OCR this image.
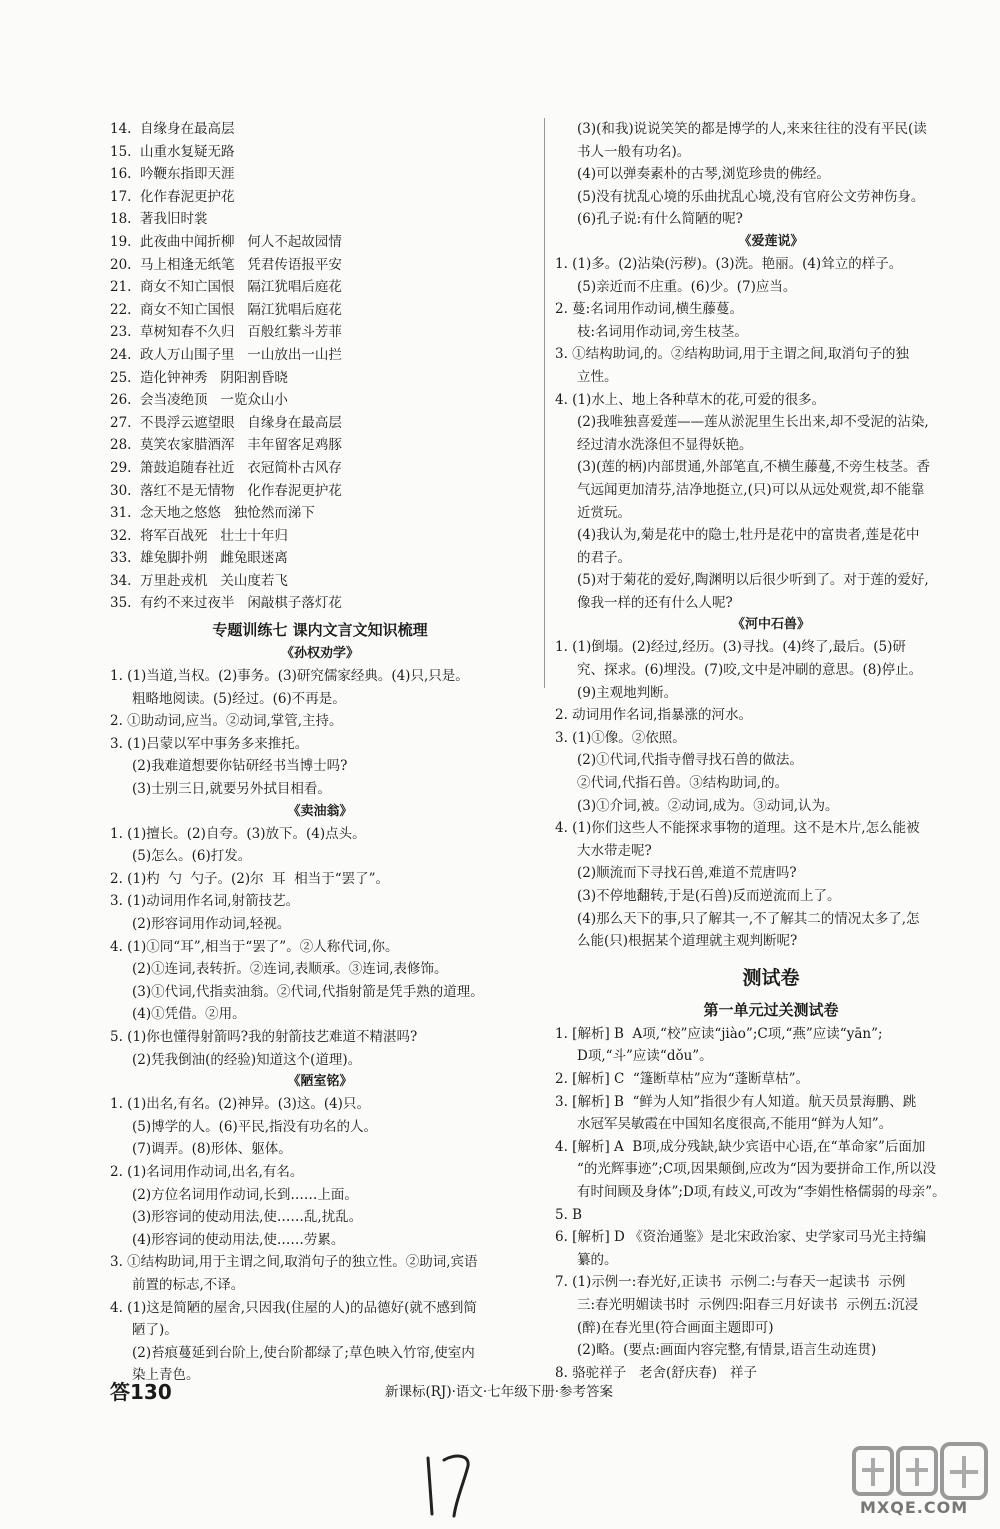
14.  自缘身在最高层
15.  山重水复疑无路
16.  吟鞭东指即天涯
17.  化作春泥更护花
18.  著我旧时裳
19.  此夜曲中闻折柳   何人不起故园情
20.  马上相逢无纸笔   凭君传语报平安
21.  商女不知亡国恨   隔江犹唱后庭花
22.  商女不知亡国恨   隔江犹唱后庭花
23.  草树知春不久归   百般红紫斗芳菲
24.  政人万山围子里   一山放出一山拦
25.  造化钟神秀   阴阳割昏晓
26.  会当凌绝顶   一览众山小
27.  不畏浮云遮望眼   自缘身在最高层
28.  莫笑农家腊酒浑   丰年留客足鸡豚
29.  箫鼓追随春社近   衣冠简朴古风存
30.  落红不是无情物   化作春泥更护花
31.  念天地之悠悠   独怆然而涕下
32.  将军百战死   壮士十年归
33.  雄兔脚扑朔   雌兔眼迷离
34.  万里赴戎机   关山度若飞
35.  有约不来过夜半   闲敲棋子落灯花
专题训练七 课内文言文知识梳理
《孙权劝学》
1. (1)当道,当权。(2)事务。(3)研究儒家经典。(4)只,只是。
粗略地阅读。(5)经过。(6)不再是。
2. ①助动词,应当。②动词,掌管,主持。
3. (1)吕蒙以军中事务多来推托。
(2)我难道想要你钻研经书当博士吗?
(3)士别三日,就要另外拭目相看。
《卖油翁》
1. (1)擅长。(2)自夸。(3)放下。(4)点头。
(5)怎么。(6)打发。
2. (1)杓  勺  勺子。(2)尔  耳  相当于“罢了”。
3. (1)动词用作名词,射箭技艺。
(2)形容词用作动词,轻视。
4. (1)①同“耳”,相当于“罢了”。②人称代词,你。
(2)①连词,表转折。②连词,表顺承。③连词,表修饰。
(3)①代词,代指卖油翁。②代词,代指射箭是凭手熟的道理。
(4)①凭借。②用。
5. (1)你也懂得射箭吗?我的射箭技艺难道不精湛吗?
(2)凭我倒油(的经验)知道这个(道理)。
《陋室铭》
1. (1)出名,有名。(2)神异。(3)这。(4)只。
(5)博学的人。(6)平民,指没有功名的人。
(7)调弄。(8)形体、躯体。
2. (1)名词用作动词,出名,有名。
(2)方位名词用作动词,长到……上面。
(3)形容词的使动用法,使……乱,扰乱。
(4)形容词的使动用法,使……劳累。
3. ①结构助词,用于主谓之间,取消句子的独立性。②助词,宾语
前置的标志,不译。
4. (1)这是简陋的屋舍,只因我(住屋的人)的品德好(就不感到简
陋了)。
(2)苔痕蔓延到台阶上,使台阶都绿了;草色映入竹帘,使室内
染上青色。
(3)(和我)说说笑笑的都是博学的人,来来往往的没有平民(读
书人一般有功名)。
(4)可以弹奏素朴的古琴,浏览珍贵的佛经。
(5)没有扰乱心境的乐曲扰乱心境,没有官府公文劳神伤身。
(6)孔子说:有什么简陋的呢?
《爱莲说》
1. (1)多。(2)沾染(污秽)。(3)洗。艳丽。(4)耸立的样子。
(5)亲近而不庄重。(6)少。(7)应当。
2. 蔓:名词用作动词,横生藤蔓。
枝:名词用作动词,旁生枝茎。
3. ①结构助词,的。②结构助词,用于主谓之间,取消句子的独
立性。
4. (1)水上、地上各种草木的花,可爱的很多。
(2)我唯独喜爱莲——莲从淤泥里生长出来,却不受泥的沾染,
经过清水洗涤但不显得妖艳。
(3)(莲的柄)内部贯通,外部笔直,不横生藤蔓,不旁生枝茎。香
气远闻更加清芬,洁净地挺立,(只)可以从远处观赏,却不能靠
近赏玩。
(4)我认为,菊是花中的隐士,牡丹是花中的富贵者,莲是花中
的君子。
(5)对于菊花的爱好,陶渊明以后很少听到了。对于莲的爱好,
像我一样的还有什么人呢?
《河中石兽》
1. (1)倒塌。(2)经过,经历。(3)寻找。(4)终了,最后。(5)研
究、探求。(6)埋没。(7)咬,文中是冲刷的意思。(8)停止。
(9)主观地判断。
2. 动词用作名词,指暴涨的河水。
3. (1)①像。②依照。
(2)①代词,代指寺僧寻找石兽的做法。
②代词,代指石兽。③结构助词,的。
(3)①介词,被。②动词,成为。③动词,认为。
4. (1)你们这些人不能探求事物的道理。这不是木片,怎么能被
大水带走呢?
(2)顺流而下寻找石兽,难道不荒唐吗?
(3)不停地翻转,于是(石兽)反而逆流而上了。
(4)那么天下的事,只了解其一,不了解其二的情况太多了,怎
么能(只)根据某个道理就主观判断呢?
测试卷
第一单元过关测试卷
1. [解析] B  A项,“校”应读“jiào”;C项,“燕”应读“yān”;
D项,“斗”应读“dǒu”。
2. [解析] C  “篷断草枯”应为“蓬断草枯”。
3. [解析] B  “鲜为人知”指很少有人知道。航天员景海鹏、跳
水冠军吴敏霞在中国知名度很高,不能用“鲜为人知”。
4. [解析] A  B项,成分残缺,缺少宾语中心语,在“革命家”后面加
“的光辉事迹”;C项,因果颠倒,应改为“因为要拼命工作,所以没
有时间顾及身体”;D项,有歧义,可改为“李娟性格儒弱的母亲”。
5. B
6. [解析] D 《资治通鉴》是北宋政治家、史学家司马光主持编
纂的。
7. (1)示例一:春光好,正读书  示例二:与春天一起读书  示例
三:春光明媚读书时  示例四:阳春三月好读书  示例五:沉浸
(醉)在春光里(符合画面主题即可)
(2)略。(要点:画面内容完整,有情景,语言生动连贯)
8. 骆驼祥子   老舍(舒庆春)   祥子
答130	新课标(RJ)·语文·七年级下册·参考答案
MXQE.COM
